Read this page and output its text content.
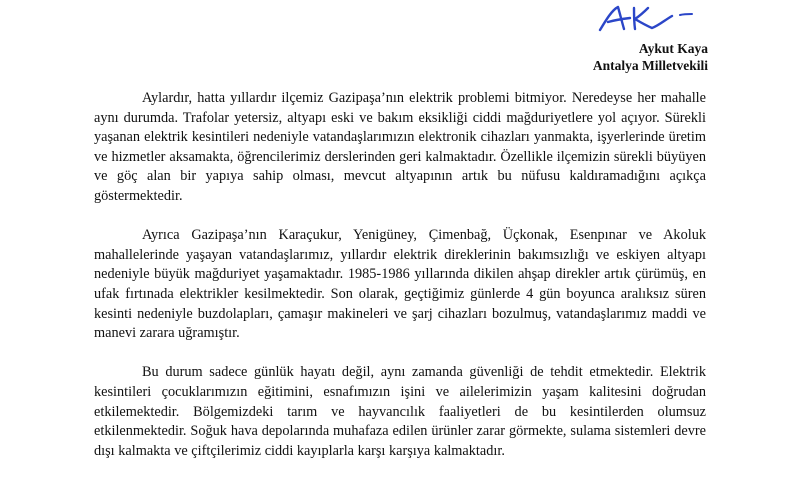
Aykut Kaya
Antalya Milletvekili

Aylardır, hatta yıllardır ilçemiz Gazipaşa’nın elektrik problemi bitmiyor. Neredeyse her mahalle aynı durumda. Trafolar yetersiz, altyapı eski ve bakım eksikliği ciddi mağduriyetlere yol açıyor. Sürekli yaşanan elektrik kesintileri nedeniyle vatandaşlarımızın elektronik cihazları yanmakta, işyerlerinde üretim ve hizmetler aksamakta, öğrencilerimiz derslerinden geri kalmaktadır. Özellikle ilçemizin sürekli büyüyen ve göç alan bir yapıya sahip olması, mevcut altyapının artık bu nüfusu kaldıramadığını açıkça göstermektedir.

Ayrıca Gazipaşa’nın Karaçukur, Yenigüney, Çimenbağ, Üçkonak, Esenpınar ve Akoluk mahallelerinde yaşayan vatandaşlarımız, yıllardır elektrik direklerinin bakımsızlığı ve eskiyen altyapı nedeniyle büyük mağduriyet yaşamaktadır. 1985-1986 yıllarında dikilen ahşap direkler artık çürümüş, en ufak fırtınada elektrikler kesilmektedir. Son olarak, geçtiğimiz günlerde 4 gün boyunca aralıksız süren kesinti nedeniyle buzdolapları, çamaşır makineleri ve şarj cihazları bozulmuş, vatandaşlarımız maddi ve manevi zarara uğramıştır.

Bu durum sadece günlük hayatı değil, aynı zamanda güvenliği de tehdit etmektedir. Elektrik kesintileri çocuklarımızın eğitimini, esnafımızın işini ve ailelerimizin yaşam kalitesini doğrudan etkilemektedir. Bölgemizdeki tarım ve hayvancılık faaliyetleri de bu kesintilerden olumsuz etkilenmektedir. Soğuk hava depolarında muhafaza edilen ürünler zarar görmekte, sulama sistemleri devre dışı kalmakta ve çiftçilerimiz ciddi kayıplarla karşı karşıya kalmaktadır.
